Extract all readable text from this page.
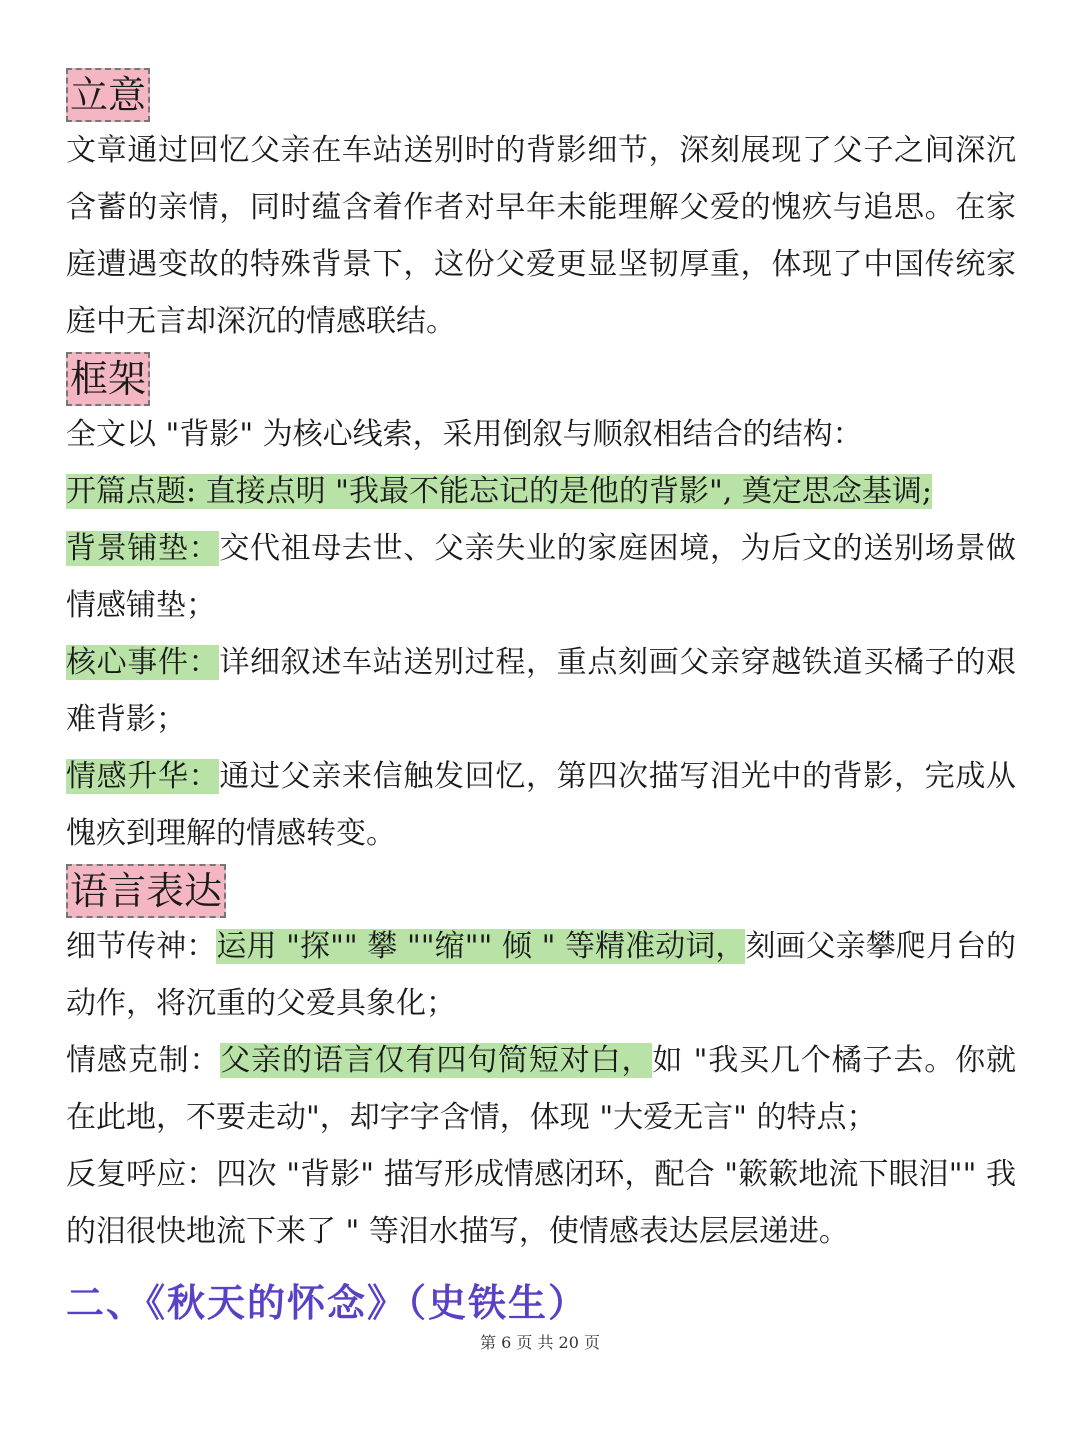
立意

文章通过回忆父亲在车站送别时的背影细节，深刻展现了父子之间深沉含蓄的亲情，同时蕴含着作者对早年未能理解父爱的愧疚与追思。在家庭遭遇变故的特殊背景下，这份父爱更显坚韧厚重，体现了中国传统家庭中无言却深沉的情感联结。

框架

全文以 "背影" 为核心线索，采用倒叙与顺叙相结合的结构：

开篇点题: 直接点明 "我最不能忘记的是他的背影", 奠定思念基调;

背景铺垫：交代祖母去世、父亲失业的家庭困境，为后文的送别场景做情感铺垫；

核心事件：详细叙述车站送别过程，重点刻画父亲穿越铁道买橘子的艰难背影；

情感升华：通过父亲来信触发回忆，第四次描写泪光中的背影，完成从愧疚到理解的情感转变。

语言表达

细节传神：运用 "探"" 攀 ""缩"" 倾 " 等精准动词，刻画父亲攀爬月台的动作，将沉重的父爱具象化；

情感克制：父亲的语言仅有四句简短对白，如 "我买几个橘子去。你就在此地，不要走动"，却字字含情，体现 "大爱无言" 的特点；

反复呼应：四次 "背影" 描写形成情感闭环，配合 "簌簌地流下眼泪"" 我的泪很快地流下来了 " 等泪水描写，使情感表达层层递进。

二、《秋天的怀念》（史铁生）
第 6 页 共 20 页
